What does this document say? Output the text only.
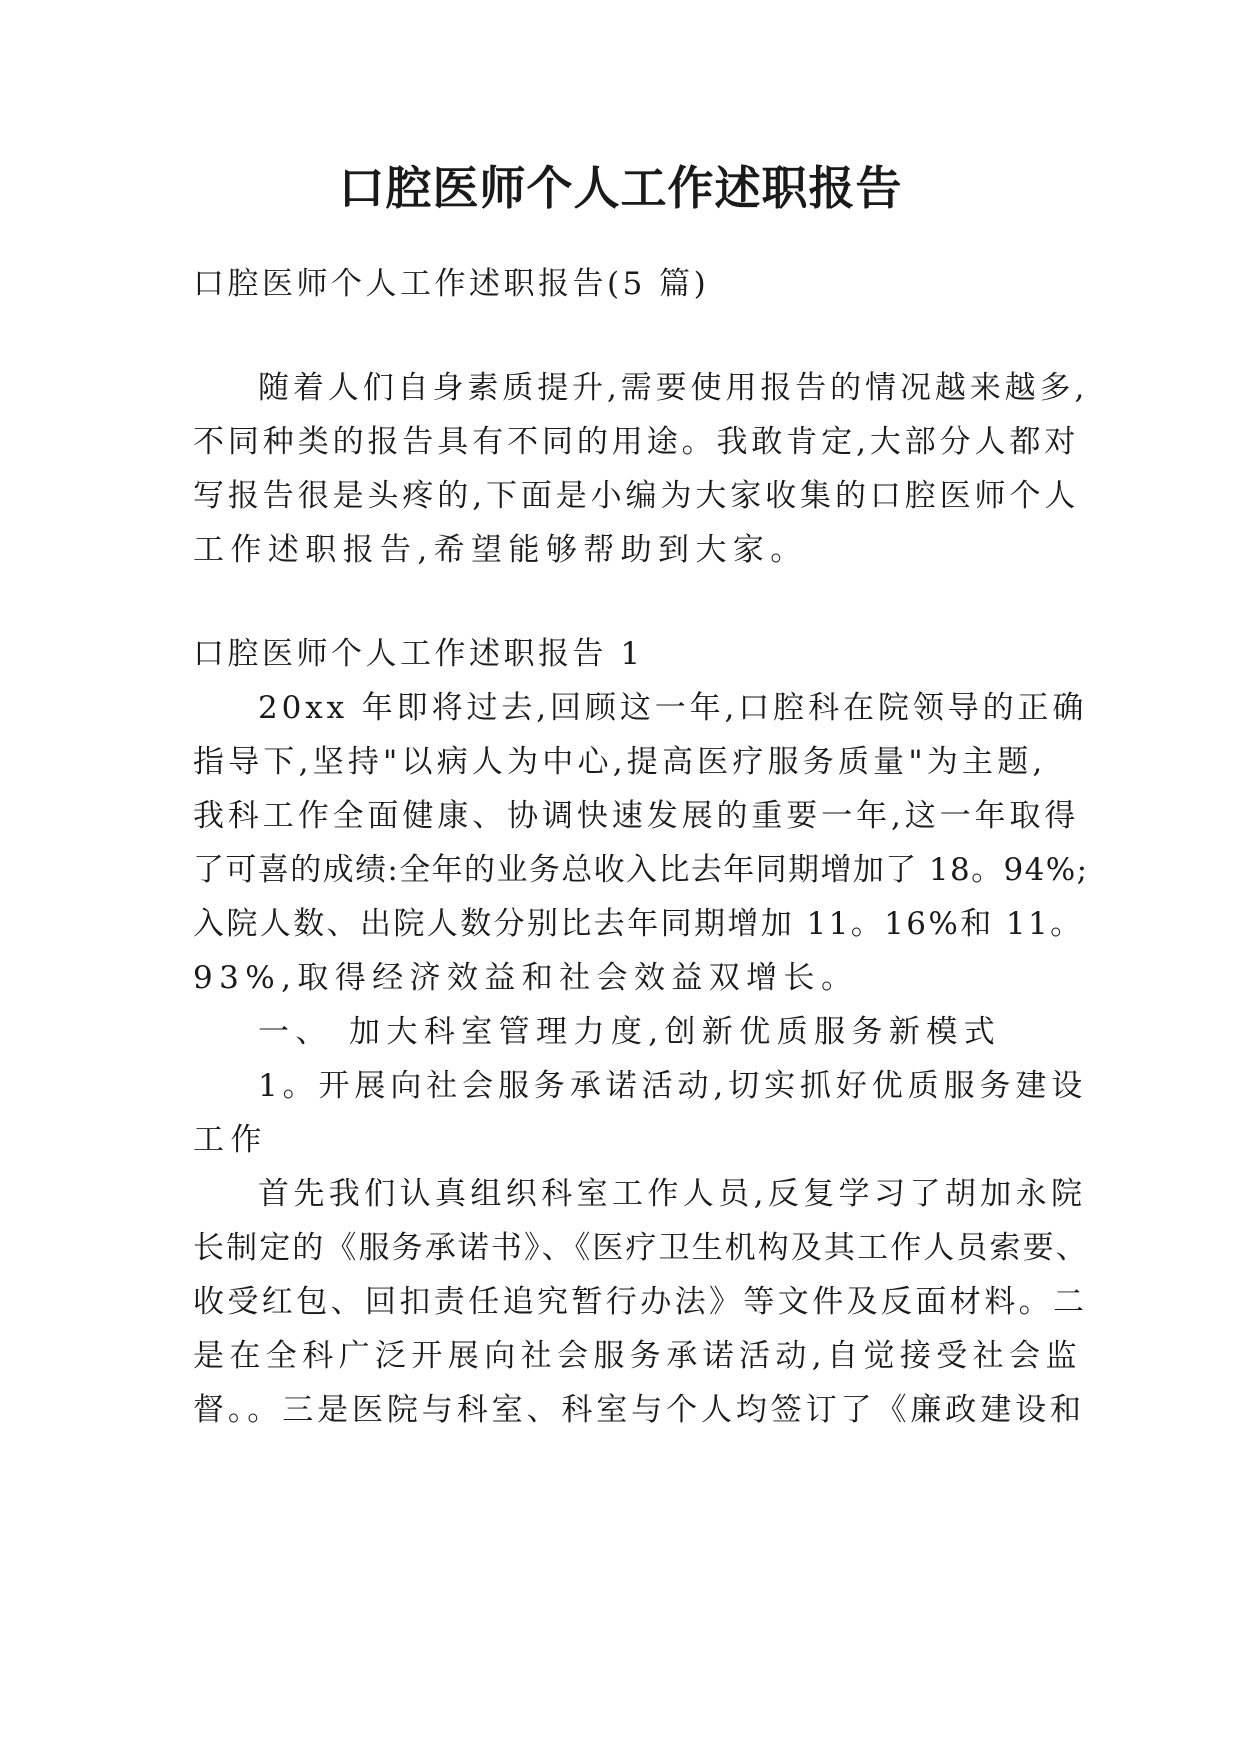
口腔医师个人工作述职报告
口腔医师个人工作述职报告(5 篇)
随着人们自身素质提升,需要使用报告的情况越来越多,
不同种类的报告具有不同的用途。我敢肯定,大部分人都对
写报告很是头疼的,下面是小编为大家收集的口腔医师个人
工作述职报告,希望能够帮助到大家。
口腔医师个人工作述职报告 1
20xx 年即将过去,回顾这一年,口腔科在院领导的正确
指导下,坚持"以病人为中心,提高医疗服务质量"为主题,
我科工作全面健康、协调快速发展的重要一年,这一年取得
了可喜的成绩:全年的业务总收入比去年同期增加了 18。94%;
入院人数、出院人数分别比去年同期增加 11。16%和 11。
93%,取得经济效益和社会效益双增长。
一、 加大科室管理力度,创新优质服务新模式
1。开展向社会服务承诺活动,切实抓好优质服务建设
工作
首先我们认真组织科室工作人员,反复学习了胡加永院
长制定的《服务承诺书》、《医疗卫生机构及其工作人员索要、
收受红包、回扣责任追究暂行办法》等文件及反面材料。二
是在全科广泛开展向社会服务承诺活动,自觉接受社会监
督。。三是医院与科室、科室与个人均签订了《廉政建设和
